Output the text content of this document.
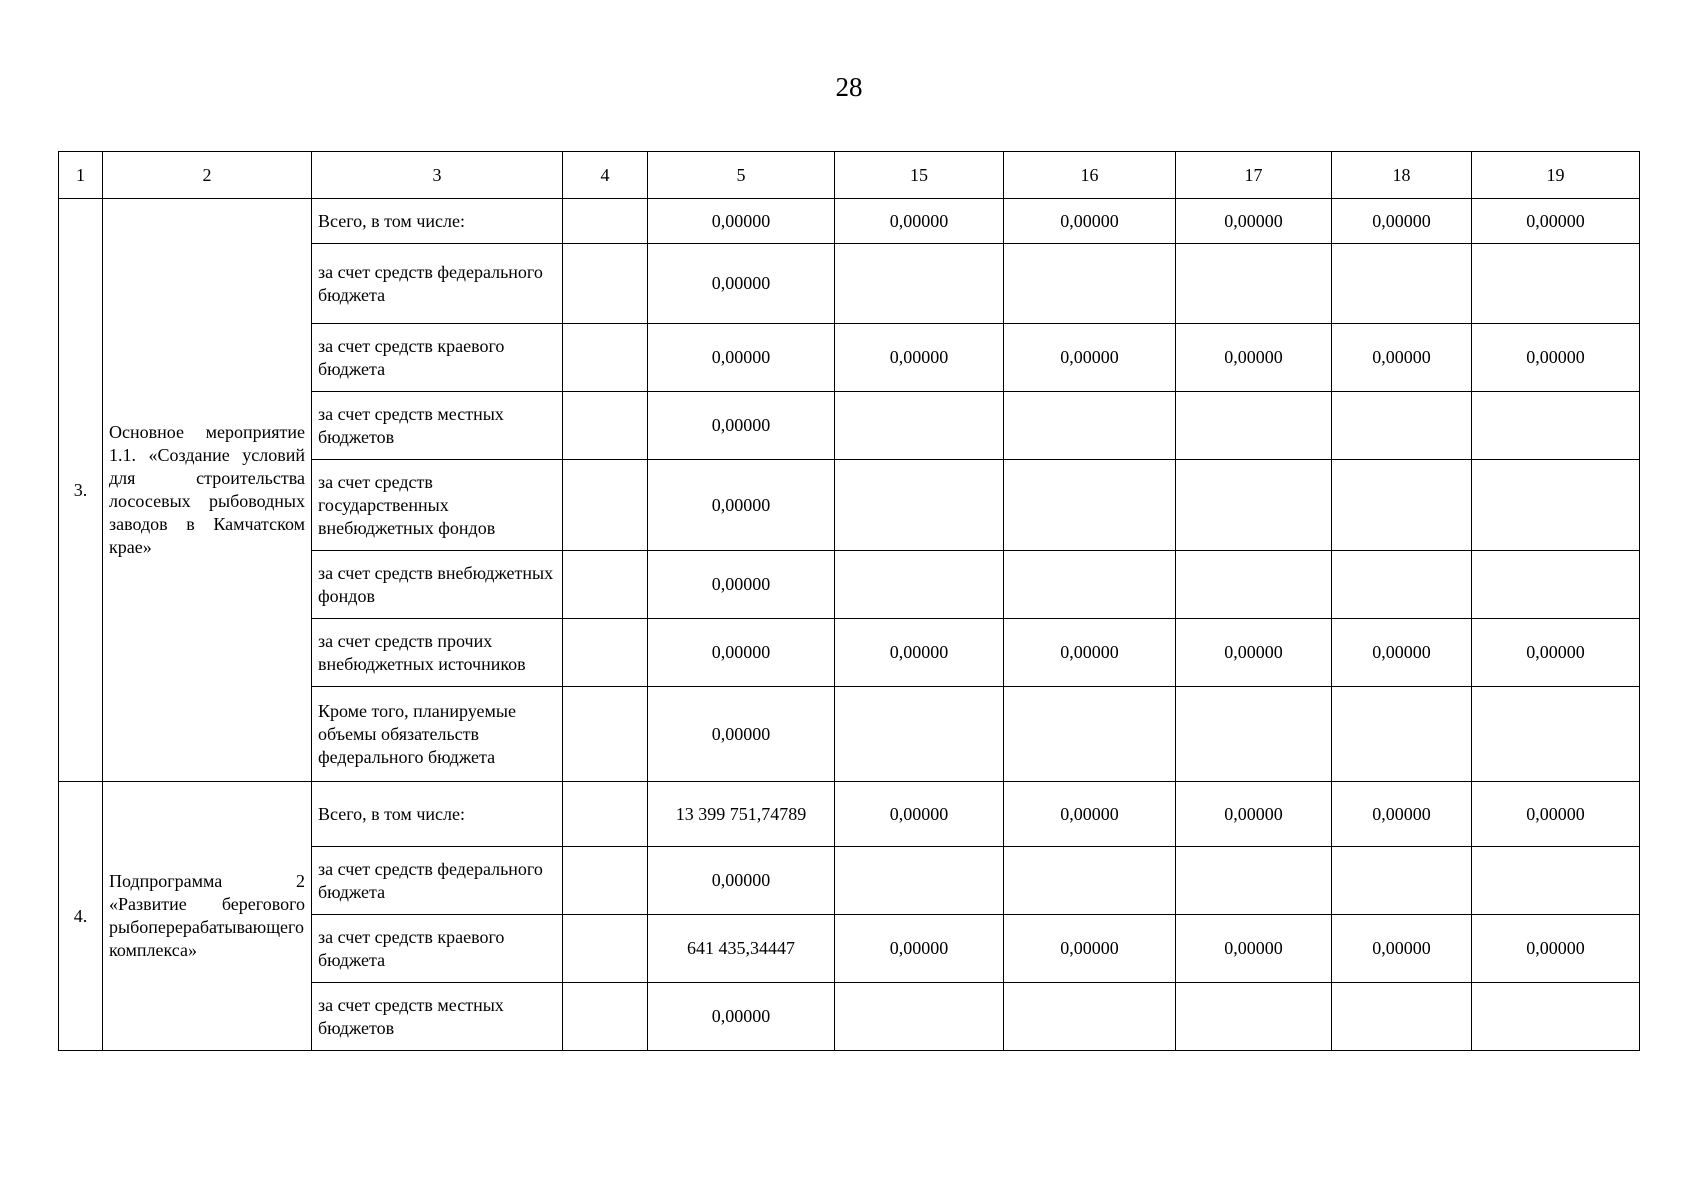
28
1	2	3	4	5	15	16	17	18	19
3.	Основное мероприятие 1.1. «Создание условий для строительства лососевых рыбоводных заводов в Камчатском крае»	Всего, в том числе:		0,00000	0,00000	0,00000	0,00000	0,00000	0,00000
		за счет средств федерального бюджета		0,00000					
		за счет средств краевого бюджета		0,00000	0,00000	0,00000	0,00000	0,00000	0,00000
		за счет средств местных бюджетов		0,00000					
		за счет средств государственных внебюджетных фондов		0,00000					
		за счет средств внебюджетных фондов		0,00000					
		за счет средств прочих внебюджетных источников		0,00000	0,00000	0,00000	0,00000	0,00000	0,00000
		Кроме того, планируемые объемы обязательств федерального бюджета		0,00000					
4.	Подпрограмма 2 «Развитие берегового рыбоперерабатывающего комплекса»	Всего, в том числе:		13 399 751,74789	0,00000	0,00000	0,00000	0,00000	0,00000
		за счет средств федерального бюджета		0,00000					
		за счет средств краевого бюджета		641 435,34447	0,00000	0,00000	0,00000	0,00000	0,00000
		за счет средств местных бюджетов		0,00000					
